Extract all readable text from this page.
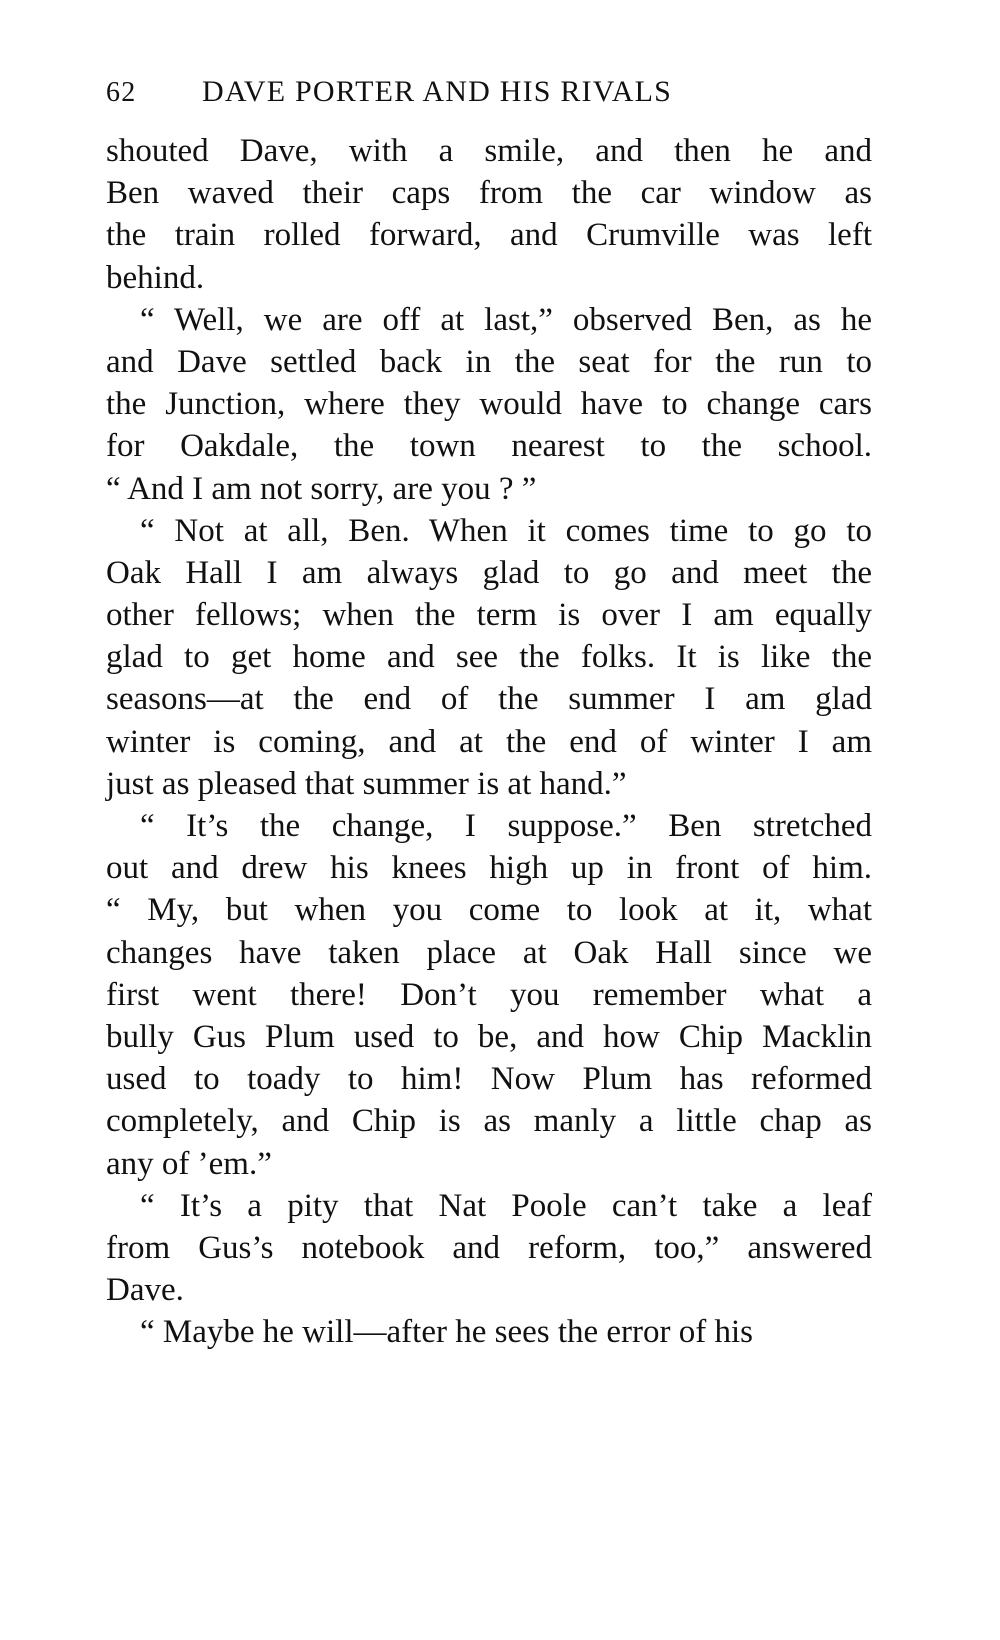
62	DAVE PORTER AND HIS RIVALS
shouted Dave, with a smile, and then he and
Ben waved their caps from the car window as
the train rolled forward, and Crumville was left
behind.
“ Well, we are off at last,” observed Ben, as he
and Dave settled back in the seat for the run to
the Junction, where they would have to change cars
for Oakdale, the town nearest to the school.
“ And I am not sorry, are you ? ”
“ Not at all, Ben. When it comes time to go to
Oak Hall I am always glad to go and meet the
other fellows; when the term is over I am equally
glad to get home and see the folks. It is like the
seasons—at the end of the summer I am glad
winter is coming, and at the end of winter I am
just as pleased that summer is at hand.”
“ It’s the change, I suppose.” Ben stretched
out and drew his knees high up in front of him.
“ My, but when you come to look at it, what
changes have taken place at Oak Hall since we
first went there! Don’t you remember what a
bully Gus Plum used to be, and how Chip Macklin
used to toady to him! Now Plum has reformed
completely, and Chip is as manly a little chap as
any of ’em.”
“ It’s a pity that Nat Poole can’t take a leaf
from Gus’s notebook and reform, too,” answered
Dave.
“ Maybe he will—after he sees the error of his
